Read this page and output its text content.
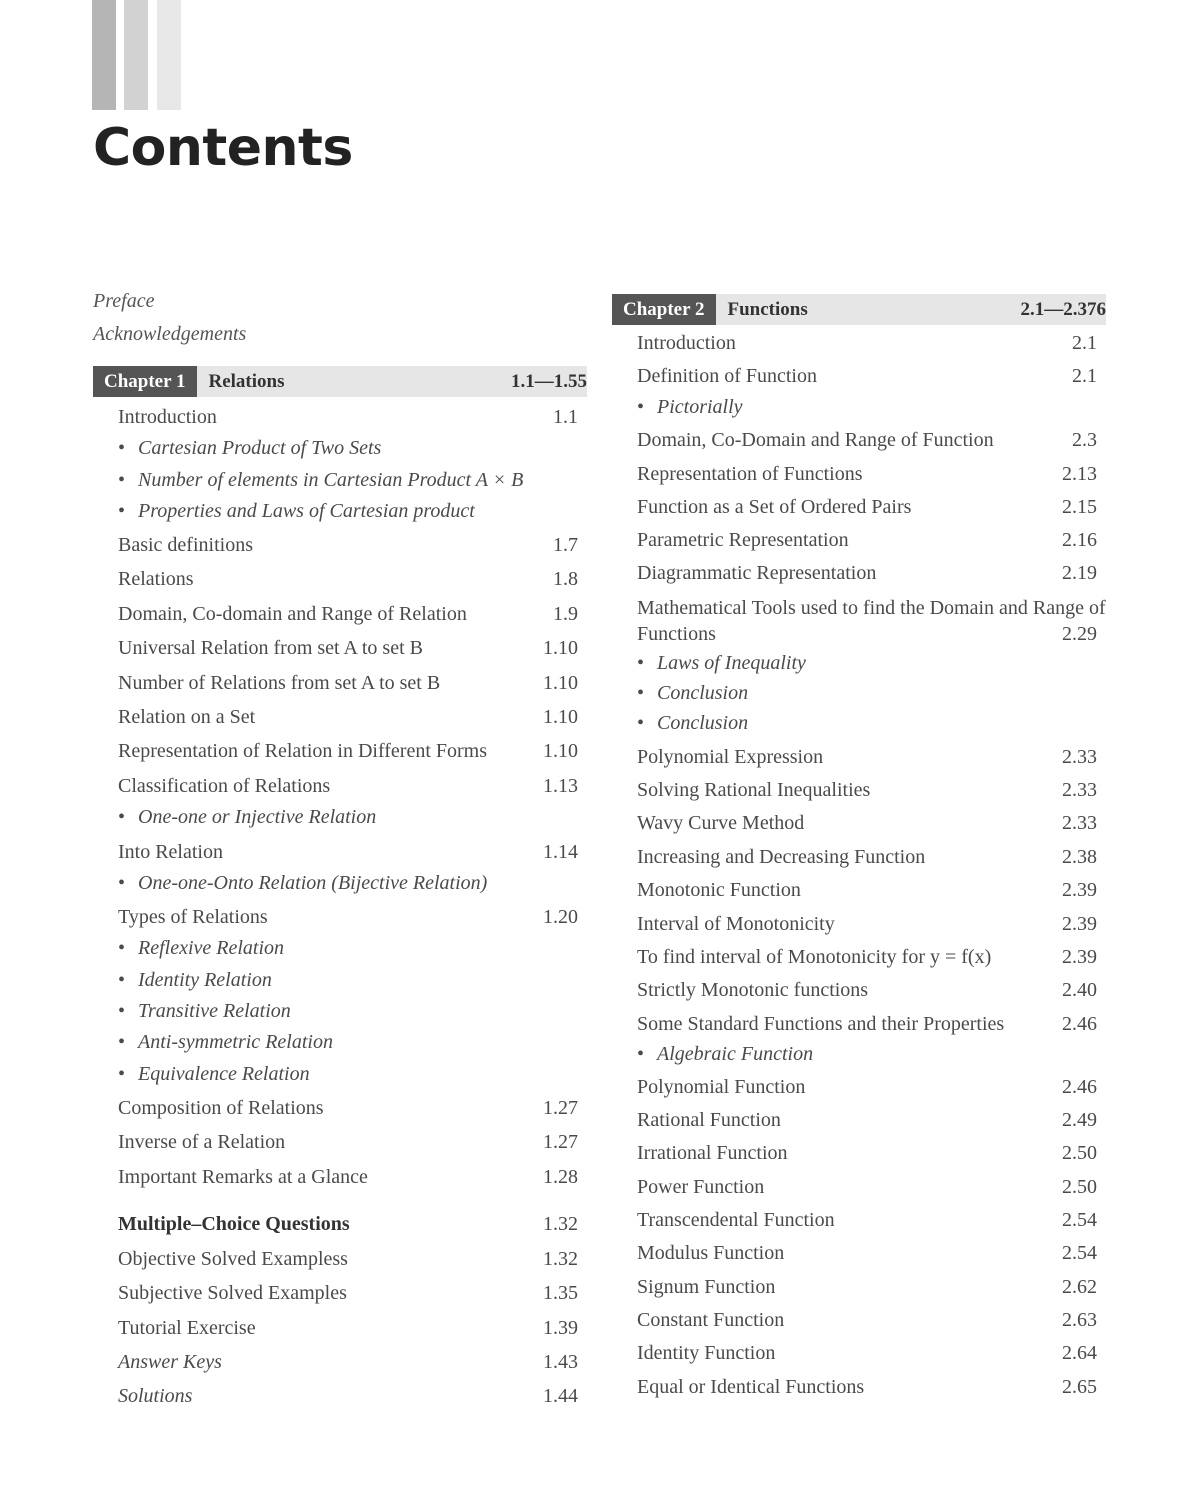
Contents
Preface
Acknowledgements
Chapter 1	Relations	1.1—1.55
Introduction	1.1
• Cartesian Product of Two Sets
• Number of elements in Cartesian Product A × B
• Properties and Laws of Cartesian product
Basic definitions	1.7
Relations	1.8
Domain, Co-domain and Range of Relation	1.9
Universal Relation from set A to set B	1.10
Number of Relations from set A to set B	1.10
Relation on a Set	1.10
Representation of Relation in Different Forms	1.10
Classification of Relations	1.13
• One-one or Injective Relation
Into Relation	1.14
• One-one-Onto Relation (Bijective Relation)
Types of Relations	1.20
• Reflexive Relation
• Identity Relation
• Transitive Relation
• Anti-symmetric Relation
• Equivalence Relation
Composition of Relations	1.27
Inverse of a Relation	1.27
Important Remarks at a Glance	1.28
Multiple–Choice Questions	1.32
Objective Solved Exampless	1.32
Subjective Solved Examples	1.35
Tutorial Exercise	1.39
Answer Keys	1.43
Solutions	1.44
Chapter 2	Functions	2.1—2.376
Introduction	2.1
Definition of Function	2.1
• Pictorially
Domain, Co-Domain and Range of Function	2.3
Representation of Functions	2.13
Function as a Set of Ordered Pairs	2.15
Parametric Representation	2.16
Diagrammatic Representation	2.19
Mathematical Tools used to find the Domain and Range of Functions	2.29
• Laws of Inequality
• Conclusion
• Conclusion
Polynomial Expression	2.33
Solving Rational Inequalities	2.33
Wavy Curve Method	2.33
Increasing and Decreasing Function	2.38
Monotonic Function	2.39
Interval of Monotonicity	2.39
To find interval of Monotonicity for y = f(x)	2.39
Strictly Monotonic functions	2.40
Some Standard Functions and their Properties	2.46
• Algebraic Function
Polynomial Function	2.46
Rational Function	2.49
Irrational Function	2.50
Power Function	2.50
Transcendental Function	2.54
Modulus Function	2.54
Signum Function	2.62
Constant Function	2.63
Identity Function	2.64
Equal or Identical Functions	2.65
